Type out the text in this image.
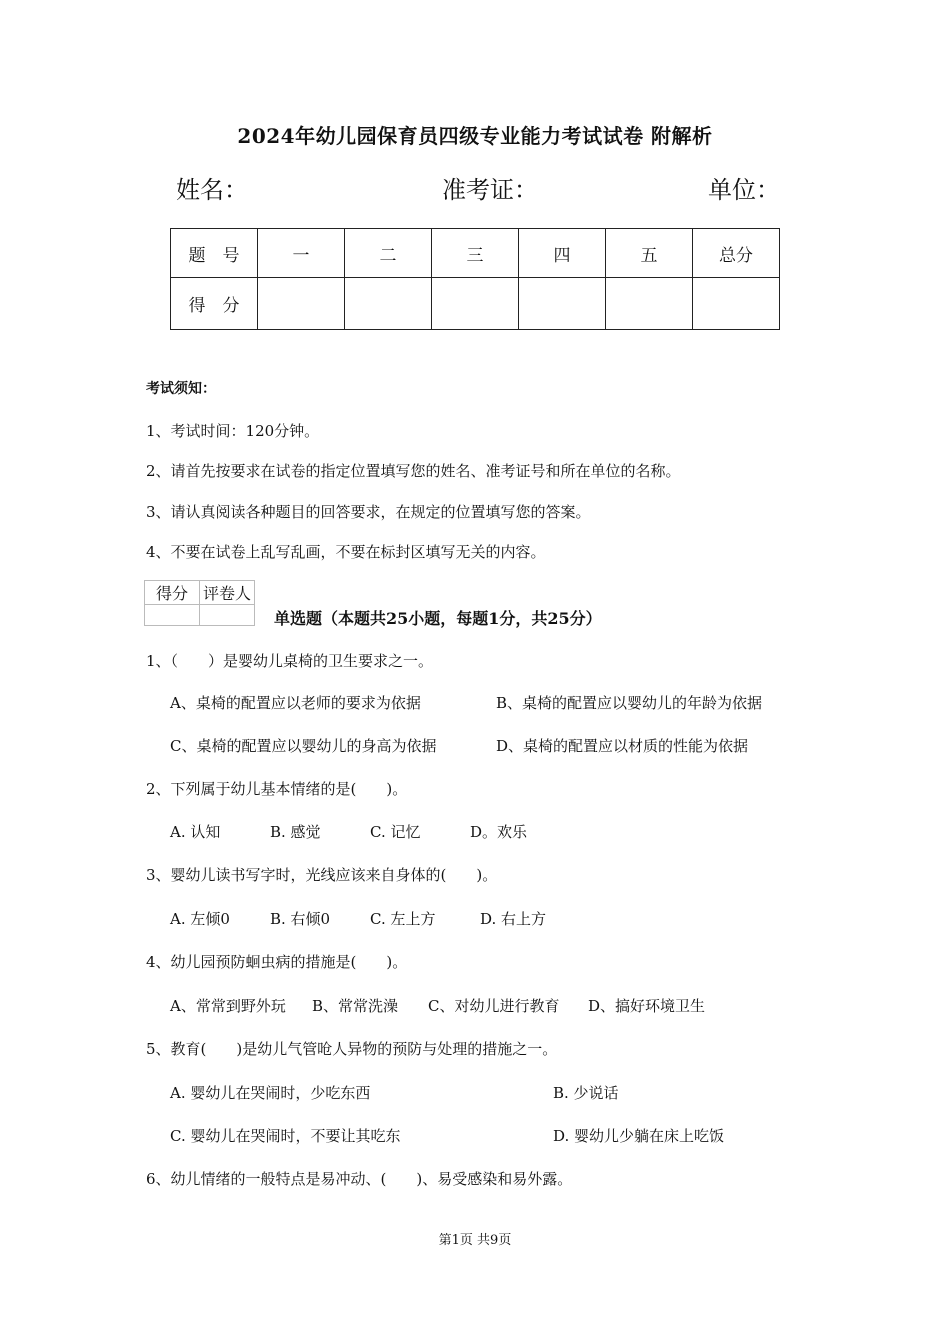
2024年幼儿园保育员四级专业能力考试试卷 附解析
姓名：	准考证：	单位：
题　号	一	二	三	四	五	总分
得　分						
考试须知：
1、考试时间：120分钟。
2、请首先按要求在试卷的指定位置填写您的姓名、准考证号和所在单位的名称。
3、请认真阅读各种题目的回答要求，在规定的位置填写您的答案。
4、不要在试卷上乱写乱画，不要在标封区填写无关的内容。
得分	评卷人

单选题（本题共25小题，每题1分，共25分）
1、（　　）是婴幼儿桌椅的卫生要求之一。
A、桌椅的配置应以老师的要求为依据	B、桌椅的配置应以婴幼儿的年龄为依据
C、桌椅的配置应以婴幼儿的身高为依据	D、桌椅的配置应以材质的性能为依据
2、下列属于幼儿基本情绪的是(　　)。
A. 认知	B. 感觉	C. 记忆	D。欢乐
3、婴幼儿读书写字时，光线应该来自身体的(　　)。
A. 左倾0	B. 右倾0	C. 左上方	D. 右上方
4、幼儿园预防蛔虫病的措施是(　　)。
A、常常到野外玩 B、常常洗澡 C、对幼儿进行教育 D、搞好环境卫生
5、教育(　　)是幼儿气管呛人异物的预防与处理的措施之一。
A. 婴幼儿在哭闹时，少吃东西	B. 少说话
C. 婴幼儿在哭闹时，不要让其吃东	D. 婴幼儿少躺在床上吃饭
6、幼儿情绪的一般特点是易冲动、(　　)、易受感染和易外露。
第1页 共9页
